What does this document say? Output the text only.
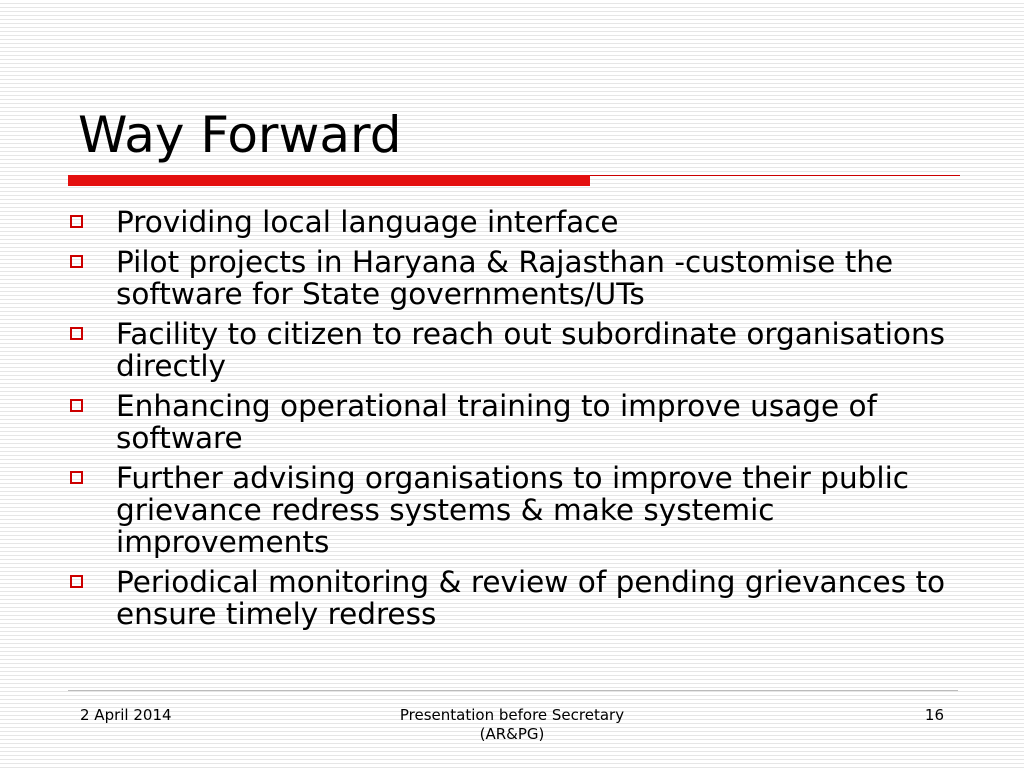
Way Forward
Providing local language interface
Pilot projects in Haryana & Rajasthan -customise the software for State governments/UTs
Facility to citizen to reach out subordinate organisations directly
Enhancing operational training to improve usage of software
Further advising organisations to improve their public grievance redress systems & make systemic improvements
Periodical monitoring & review of pending grievances to ensure timely redress
2 April 2014	Presentation before Secretary
(AR&PG)
16
